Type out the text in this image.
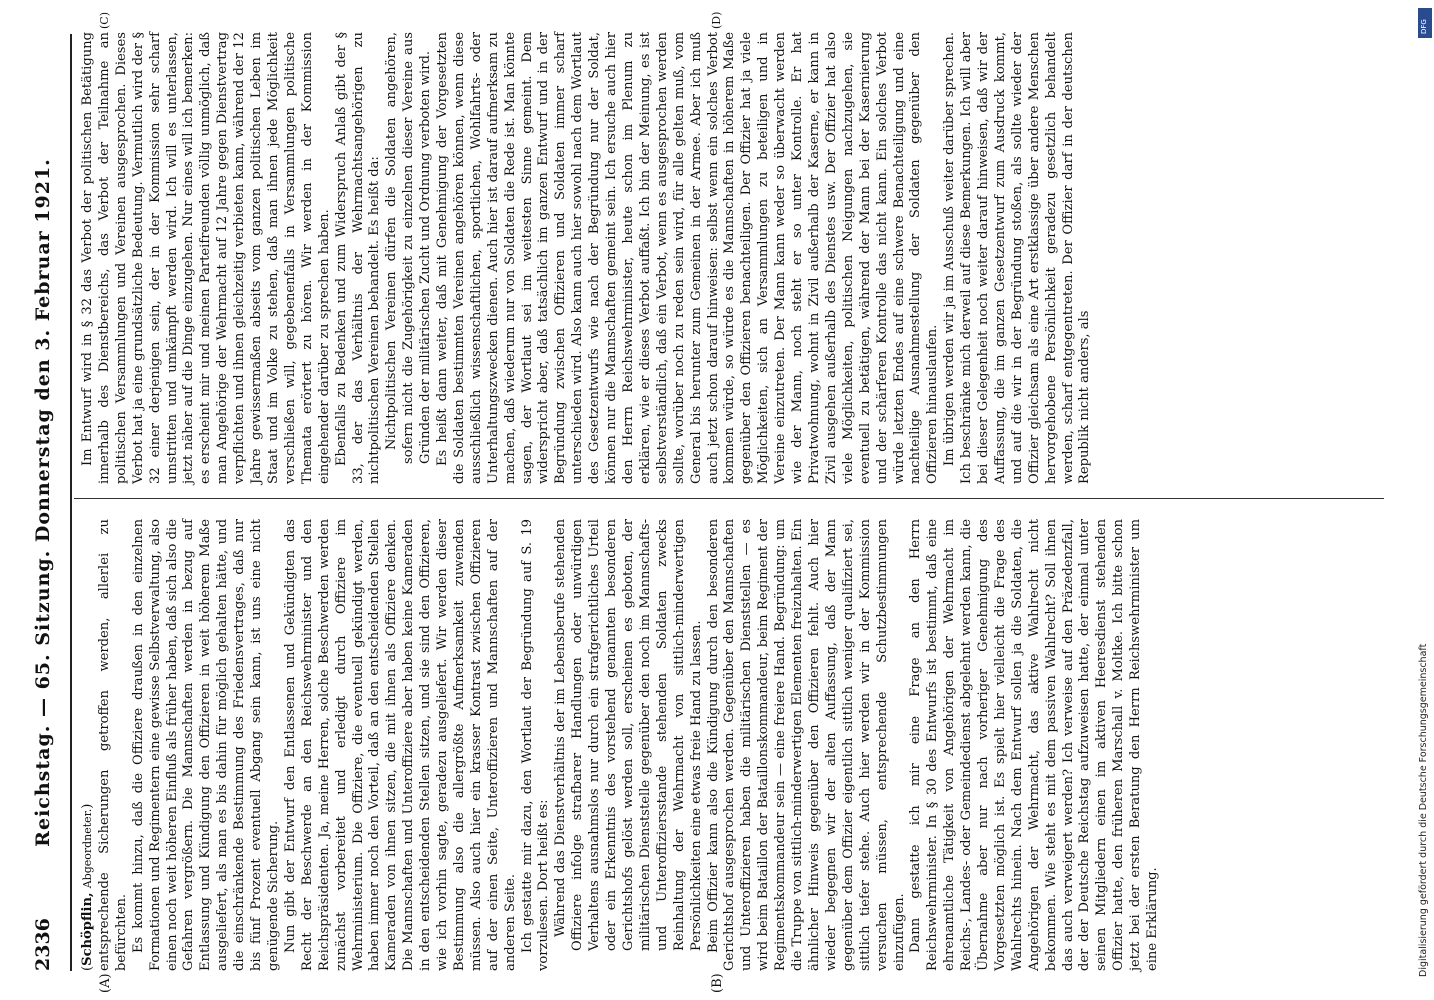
2336
Reichstag. — 65. Sitzung. Donnerstag den 3. Februar 1921.
(A)	(B)
(C)	(D)

(Schöpflin, Abgeordneter.) entsprechende Sicherungen getroffen werden, allerlei zu befürchten. Es kommt hinzu, daß die Offiziere draußen in den einzelnen Formationen und Regimentern eine gewisse Selbstverwaltung, also einen noch weit höheren Einfluß als früher haben, daß sich also die Gefahren vergrößern. Die Mannschaften werden in bezug auf Entlassung und Kündigung den Offizieren in weit höherem Maße ausgeliefert, als man es bis dahin für möglich gehalten hätte, und die einschränkende Bestimmung des Friedensvertrages, daß nur bis fünf Prozent eventuell Abgang sein kann, ist uns eine nicht genügende Sicherung. Nun gibt der Entwurf den Entlassenen und Gekündigten das Recht der Beschwerde an den Reichswehrminister und den Reichspräsidenten. Ja, meine Herren, solche Beschwerden werden zunächst vorbereitet und erledigt durch Offiziere im Wehrministerium. Die Offiziere, die eventuell gekündigt werden, haben immer noch den Vorteil, daß an den entscheidenden Stellen Kameraden von ihnen sitzen, die mit ihnen als Offiziere denken. Die Mannschaften und Unteroffiziere aber haben keine Kameraden in den entscheidenden Stellen sitzen, und sie sind den Offizieren, wie ich vorhin sagte, geradezu ausgeliefert. Wir werden dieser Bestimmung also die allergrößte Aufmerksamkeit zuwenden müssen. Also auch hier ein krasser Kontrast zwischen Offizieren auf der einen Seite, Unteroffizieren und Mannschaften auf der anderen Seite. Ich gestatte mir dazu, den Wortlaut der Begründung auf S. 19 vorzulesen. Dort heißt es: Während das Dienstverhältnis der im Lebensberufe stehenden Offiziere infolge strafbarer Handlungen oder unwürdigen Verhaltens ausnahmslos nur durch ein strafgerichtliches Urteil oder ein Erkenntnis des vorstehend genannten besonderen Gerichtshofs gelöst werden soll, erscheinen es geboten, der militärischen Dienststelle gegenüber den noch im Mannschafts- und Unteroffiziersstande stehenden Soldaten zwecks Reinhaltung der Wehrmacht von sittlich-minderwertigen Persönlichkeiten eine etwas freie Hand zu lassen. Beim Offizier kann also die Kündigung durch den besonderen Gerichtshof ausgesprochen werden. Gegenüber den Mannschaften und Unteroffizieren haben die militärischen Dienststellen — es wird beim Bataillon der Bataillonskommandeur, beim Regiment der Regimentskommandeur sein — eine freiere Hand. Begründung: um die Truppe von sittlich-minderwertigen Elementen freizuhalten. Ein ähnlicher Hinweis gegenüber den Offizieren fehlt. Auch hier wieder begegnen wir der alten Auffassung, daß der Mann gegenüber dem Offizier eigentlich sittlich weniger qualifiziert sei, sittlich tiefer stehe. Auch hier werden wir in der Kommission versuchen müssen, entsprechende Schutzbestimmungen einzufügen. Dann gestatte ich mir eine Frage an den Herrn Reichswehrminister. In § 30 des Entwurfs ist bestimmt, daß eine ehrenamtliche Tätigkeit von Angehörigen der Wehrmacht im Reichs-, Landes- oder Gemeindedienst abgelehnt werden kann, die Übernahme aber nur nach vorheriger Genehmigung des Vorgesetzten möglich ist. Es spielt hier vielleicht die Frage des Wahlrechts hinein. Nach dem Entwurf sollen ja die Soldaten, die Angehörigen der Wehrmacht, das aktive Wahlrecht nicht bekommen. Wie steht es mit dem passiven Wahlrecht? Soll ihnen das auch verweigert werden? Ich verweise auf den Präzedenzfall, der der Deutsche Reichstag aufzuweisen hatte, der einmal unter seinen Mitgliedern einen im aktiven Heeresdienst stehenden Offizier hatte, den früheren Marschall v. Moltke. Ich bitte schon jetzt bei der ersten Beratung den Herrn Reichswehrminister um eine Erklärung.

Im Entwurf wird in § 32 das Verbot der politischen Betätigung innerhalb des Dienstbereichs, das Verbot der Teilnahme an politischen Versammlungen und Vereinen ausgesprochen. Dieses Verbot hat ja eine grundsätzliche Bedeutung. Vermutlich wird der § 32 einer derjenigen sein, der in der Kommission sehr scharf umstritten und umkämpft werden wird. Ich will es unterlassen, jetzt näher auf die Dinge einzugehen. Nur eines will ich bemerken: es erscheint mir und meinen Parteifreunden völlig unmöglich, daß man Angehörige der Wehrmacht auf 12 Jahre gegen Dienstvertrag verpflichten und ihnen gleichzeitig verbieten kann, während der 12 Jahre gewissermaßen abseits vom ganzen politischen Leben im Staat und im Volke zu stehen, daß man ihnen jede Möglichkeit verschließen will, gegebenenfalls in Versammlungen politische Themata erörtert zu hören. Wir werden in der Kommission eingehender darüber zu sprechen haben. Ebenfalls zu Bedenken und zum Widerspruch Anlaß gibt der § 33, der das Verhältnis der Wehrmachtsangehörigen zu nichtpolitischen Vereinen behandelt. Es heißt da: Nichtpolitischen Vereinen dürfen die Soldaten angehören, sofern nicht die Zugehörigkeit zu einzelnen dieser Vereine aus Gründen der militärischen Zucht und Ordnung verboten wird. Es heißt dann weiter, daß mit Genehmigung der Vorgesetzten die Soldaten bestimmten Vereinen angehören können, wenn diese ausschließlich wissenschaftlichen, sportlichen, Wohlfahrts- oder Unterhaltungszwecken dienen. Auch hier ist darauf aufmerksam zu machen, daß wiederum nur von Soldaten die Rede ist. Man könnte sagen, der Wortlaut sei im weitesten Sinne gemeint. Dem widerspricht aber, daß tatsächlich im ganzen Entwurf und in der Begründung zwischen Offizieren und Soldaten immer scharf unterschieden wird. Also kann auch hier sowohl nach dem Wortlaut des Gesetzentwurfs wie nach der Begründung nur der Soldat, können nur die Mannschaften gemeint sein. Ich ersuche auch hier den Herrn Reichswehrminister, heute schon im Plenum zu erklären, wie er dieses Verbot auffaßt. Ich bin der Meinung, es ist selbstverständlich, daß ein Verbot, wenn es ausgesprochen werden sollte, worüber noch zu reden sein wird, für alle gelten muß, vom General bis herunter zum Gemeinen in der Armee. Aber ich muß auch jetzt schon darauf hinweisen: selbst wenn ein solches Verbot kommen würde, so würde es die Mannschaften in höherem Maße gegenüber den Offizieren benachteiligen. Der Offizier hat ja viele Möglichkeiten, sich an Versammlungen zu beteiligen und in Vereine einzutreten. Der Mann kann weder so überwacht werden wie der Mann, noch steht er so unter Kontrolle. Er hat Privatwohnung, wohnt in Zivil außerhalb der Kaserne, er kann in Zivil ausgehen außerhalb des Dienstes usw. Der Offizier hat also viele Möglichkeiten, politischen Neigungen nachzugehen, sie eventuell zu betätigen, während der Mann bei der Kasernierung und der schärferen Kontrolle das nicht kann. Ein solches Verbot würde letzten Endes auf eine schwere Benachteiligung und eine nachteilige Ausnahmestellung der Soldaten gegenüber den Offizieren hinauslaufen. Im übrigen werden wir ja im Ausschuß weiter darüber sprechen. Ich beschränke mich derweil auf diese Bemerkungen. Ich will aber bei dieser Gelegenheit noch weiter darauf hinweisen, daß wir der Auffassung, die im ganzen Gesetzentwurf zum Ausdruck kommt, und auf die wir in der Begründung stoßen, als sollte wieder der Offizier gleichsam als eine Art erstklassige über andere Menschen hervorgehobene Persönlichkeit geradezu gesetzlich behandelt werden, scharf entgegentreten. Der Offizier darf in der deutschen Republik nicht anders, als

DFG
Digitalisierung gefördert durch die Deutsche Forschungsgemeinschaft
